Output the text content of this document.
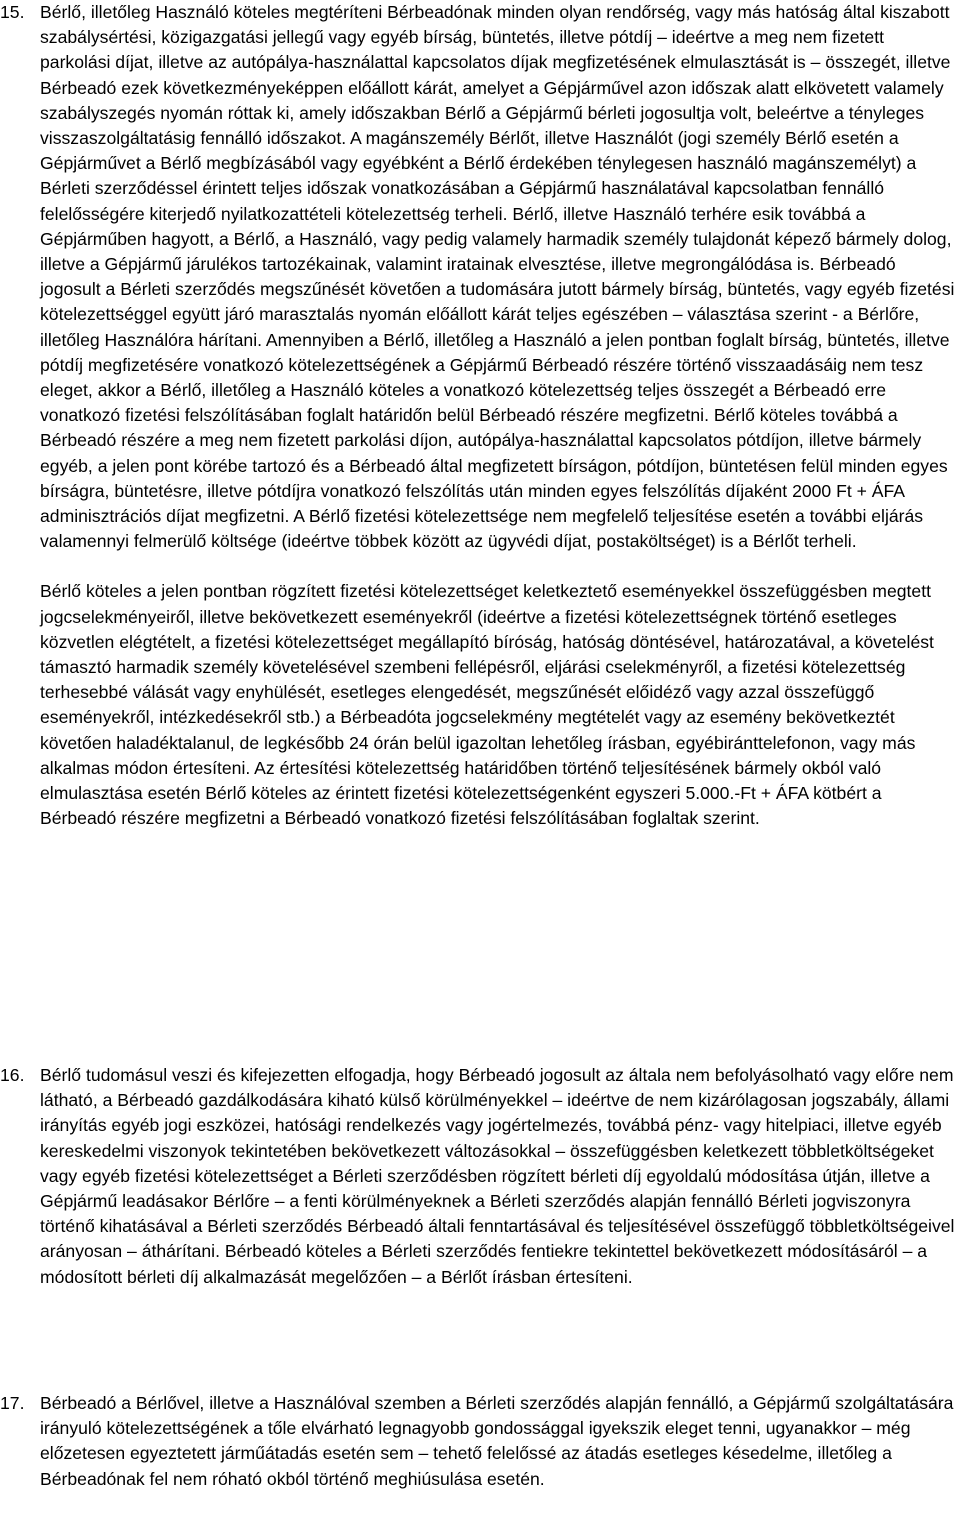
15. Bérlő, illetőleg Használó köteles megtéríteni Bérbeadónak minden olyan rendőrség, vagy más hatóság által kiszabott szabálysértési, közigazgatási jellegű vagy egyéb bírság, büntetés, illetve pótdíj – ideértve a meg nem fizetett parkolási díjat, illetve az autópálya-használattal kapcsolatos díjak megfizetésének elmulasztását is – összegét, illetve Bérbeadó ezek következményeképpen előállott kárát, amelyet a Gépjárművel azon időszak alatt elkövetett valamely szabályszegés nyomán róttak ki, amely időszakban Bérlő a Gépjármű bérleti jogosultja volt, beleértve a tényleges visszaszolgáltatásig fennálló időszakot. A magánszemély Bérlőt, illetve Használót (jogi személy Bérlő esetén a Gépjárművet a Bérlő megbízásából vagy egyébként a Bérlő érdekében ténylegesen használó magánszemélyt) a Bérleti szerződéssel érintett teljes időszak vonatkozásában a Gépjármű használatával kapcsolatban fennálló felelősségére kiterjedő nyilatkozattételi kötelezettség terheli. Bérlő, illetve Használó terhére esik továbbá a Gépjárműben hagyott, a Bérlő, a Használó, vagy pedig valamely harmadik személy tulajdonát képező bármely dolog, illetve a Gépjármű járulékos tartozékainak, valamint iratainak elvesztése, illetve megrongálódása is. Bérbeadó jogosult a Bérleti szerződés megszűnését követően a tudomására jutott bármely bírság, büntetés, vagy egyéb fizetési kötelezettséggel együtt járó marasztalás nyomán előállott kárát teljes egészében – választása szerint - a Bérlőre, illetőleg Használóra hárítani. Amennyiben a Bérlő, illetőleg a Használó a jelen pontban foglalt bírság, büntetés, illetve pótdíj megfizetésére vonatkozó kötelezettségének a Gépjármű Bérbeadó részére történő visszaadásáig nem tesz eleget, akkor a Bérlő, illetőleg a Használó köteles a vonatkozó kötelezettség teljes összegét a Bérbeadó erre vonatkozó fizetési felszólításában foglalt határidőn belül Bérbeadó részére megfizetni. Bérlő köteles továbbá a Bérbeadó részére a meg nem fizetett parkolási díjon, autópálya-használattal kapcsolatos pótdíjon, illetve bármely egyéb, a jelen pont körébe tartozó és a Bérbeadó által megfizetett bírságon, pótdíjon, büntetésen felül minden egyes bírságra, büntetésre, illetve pótdíjra vonatkozó felszólítás után minden egyes felszólítás díjaként 2000 Ft + ÁFA adminisztrációs díjat megfizetni. A Bérlő fizetési kötelezettsége nem megfelelő teljesítése esetén a további eljárás valamennyi felmerülő költsége (ideértve többek között az ügyvédi díjat, postaköltséget) is a Bérlőt terheli.

Bérlő köteles a jelen pontban rögzített fizetési kötelezettséget keletkeztető eseményekkel összefüggésben megtett jogcselekményeiről, illetve bekövetkezett eseményekről (ideértve a fizetési kötelezettségnek történő esetleges közvetlen elégtételt, a fizetési kötelezettséget megállapító bíróság, hatóság döntésével, határozatával, a követelést támasztó harmadik személy követelésével szembeni fellépésről, eljárási cselekményről, a fizetési kötelezettség terhesebbé válását vagy enyhülését, esetleges elengedését, megszűnését előidéző vagy azzal összefüggő eseményekről, intézkedésekről stb.) a Bérbeadóta jogcselekmény megtételét vagy az esemény bekövetkeztét követően haladéktalanul, de legkésőbb 24 órán belül igazoltan lehetőleg írásban, egyébiránttelefonon, vagy más alkalmas módon értesíteni. Az értesítési kötelezettség határidőben történő teljesítésének bármely okból való elmulasztása esetén Bérlő köteles az érintett fizetési kötelezettségenként egyszeri 5.000.-Ft + ÁFA kötbért a Bérbeadó részére megfizetni a Bérbeadó vonatkozó fizetési felszólításában foglaltak szerint.

16. Bérlő tudomásul veszi és kifejezetten elfogadja, hogy Bérbeadó jogosult az általa nem befolyásolható vagy előre nem látható, a Bérbeadó gazdálkodására kiható külső körülményekkel – ideértve de nem kizárólagosan jogszabály, állami irányítás egyéb jogi eszközei, hatósági rendelkezés vagy jogértelmezés, továbbá pénz- vagy hitelpiaci, illetve egyéb kereskedelmi viszonyok tekintetében bekövetkezett változásokkal – összefüggésben keletkezett többletköltségeket vagy egyéb fizetési kötelezettséget a Bérleti szerződésben rögzített bérleti díj egyoldalú módosítása útján, illetve a Gépjármű leadásakor Bérlőre – a fenti körülményeknek a Bérleti szerződés alapján fennálló Bérleti jogviszonyra történő kihatásával a Bérleti szerződés Bérbeadó általi fenntartásával és teljesítésével összefüggő többletköltségeivel arányosan – áthárítani. Bérbeadó köteles a Bérleti szerződés fentiekre tekintettel bekövetkezett módosításáról – a módosított bérleti díj alkalmazását megelőzően – a Bérlőt írásban értesíteni.

17. Bérbeadó a Bérlővel, illetve a Használóval szemben a Bérleti szerződés alapján fennálló, a Gépjármű szolgáltatására irányuló kötelezettségének a tőle elvárható legnagyobb gondossággal igyekszik eleget tenni, ugyanakkor – még előzetesen egyeztetett járműátadás esetén sem – tehető felelőssé az átadás esetleges késedelme, illetőleg a Bérbeadónak fel nem róható okból történő meghiúsulása esetén.
